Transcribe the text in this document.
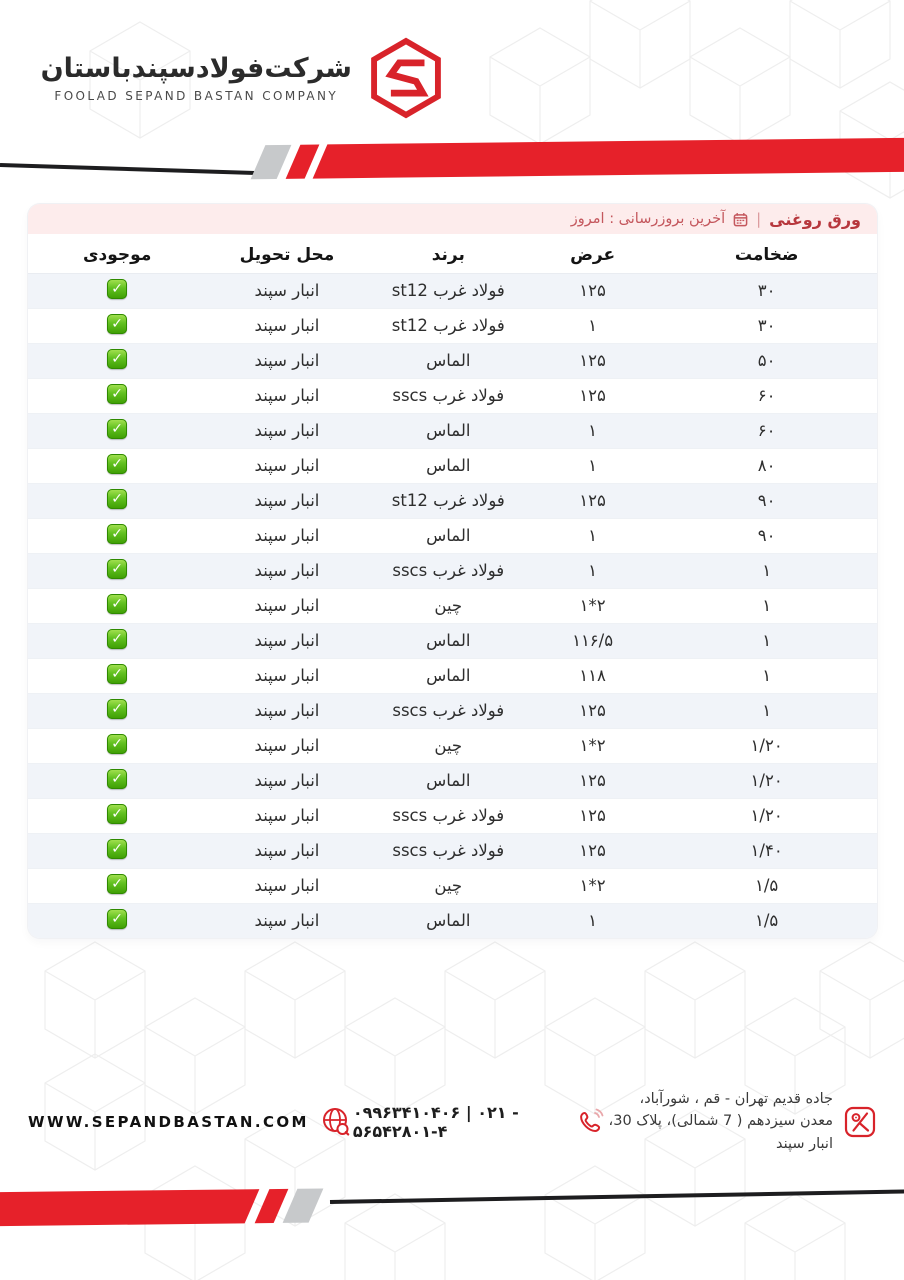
شرکت‌فولادسپندباستان
FOOLAD SEPAND BASTAN COMPANY
ورق روغنی
|
آخرین بروزرسانی : امروز
ضخامت	عرض	برند	محل تحویل	موجودی
۳۰	۱۲۵	فولاد غرب st12	انبار سپند	✓
۳۰	۱	فولاد غرب st12	انبار سپند	✓
۵۰	۱۲۵	الماس	انبار سپند	✓
۶۰	۱۲۵	فولاد غرب sscs	انبار سپند	✓
۶۰	۱	الماس	انبار سپند	✓
۸۰	۱	الماس	انبار سپند	✓
۹۰	۱۲۵	فولاد غرب st12	انبار سپند	✓
۹۰	۱	الماس	انبار سپند	✓
۱	۱	فولاد غرب sscs	انبار سپند	✓
۱	۱*۲	چین	انبار سپند	✓
۱	۱۱۶/۵	الماس	انبار سپند	✓
۱	۱۱۸	الماس	انبار سپند	✓
۱	۱۲۵	فولاد غرب sscs	انبار سپند	✓
۱/۲۰	۱*۲	چین	انبار سپند	✓
۱/۲۰	۱۲۵	الماس	انبار سپند	✓
۱/۲۰	۱۲۵	فولاد غرب sscs	انبار سپند	✓
۱/۴۰	۱۲۵	فولاد غرب sscs	انبار سپند	✓
۱/۵	۱*۲	چین	انبار سپند	✓
۱/۵	۱	الماس	انبار سپند	✓
جاده قدیم تهران - قم ، شورآباد،
معدن سیزدهم ( 7 شمالی)، پلاک 30، انبار سپند
۰۹۹۶۳۴۱۰۴۰۶ | ۰۲۱ - ۵۶۵۴۲۸۰۱-۴
WWW.SEPANDBASTAN.COM
